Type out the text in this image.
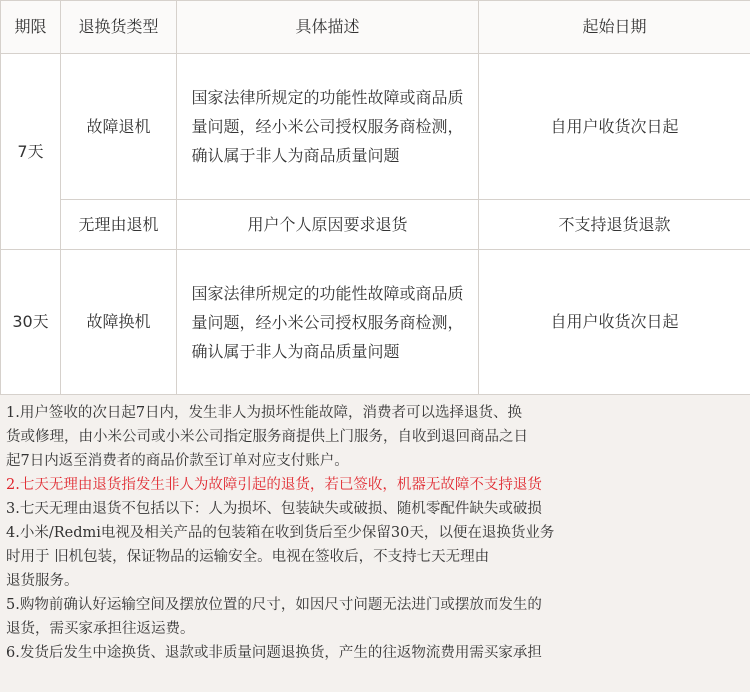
期限	退换货类型	具体描述	起始日期
7天	故障退机	国家法律所规定的功能性故障或商品质量问题，经小米公司授权服务商检测，确认属于非人为商品质量问题	自用户收货次日起
	无理由退机	用户个人原因要求退货	不支持退货退款
30天	故障换机	国家法律所规定的功能性故障或商品质量问题，经小米公司授权服务商检测，确认属于非人为商品质量问题	自用户收货次日起

1.用户签收的次日起7日内，发生非人为损坏性能故障，消费者可以选择退货、换
货或修理，由小米公司或小米公司指定服务商提供上门服务，自收到退回商品之日
起7日内返至消费者的商品价款至订单对应支付账户。

2.七天无理由退货指发生非人为故障引起的退货，若已签收，机器无故障不支持退货

3.七天无理由退货不包括以下：人为损坏、包装缺失或破损、随机零配件缺失或破损

4.小米/Redmi电视及相关产品的包装箱在收到货后至少保留30天，以便在退换货业务
时用于 旧机包装，保证物品的运输安全。电视在签收后，不支持七天无理由
退货服务。

5.购物前确认好运输空间及摆放位置的尺寸，如因尺寸问题无法进门或摆放而发生的
退货，需买家承担往返运费。

6.发货后发生中途换货、退款或非质量问题退换货，产生的往返物流费用需买家承担
